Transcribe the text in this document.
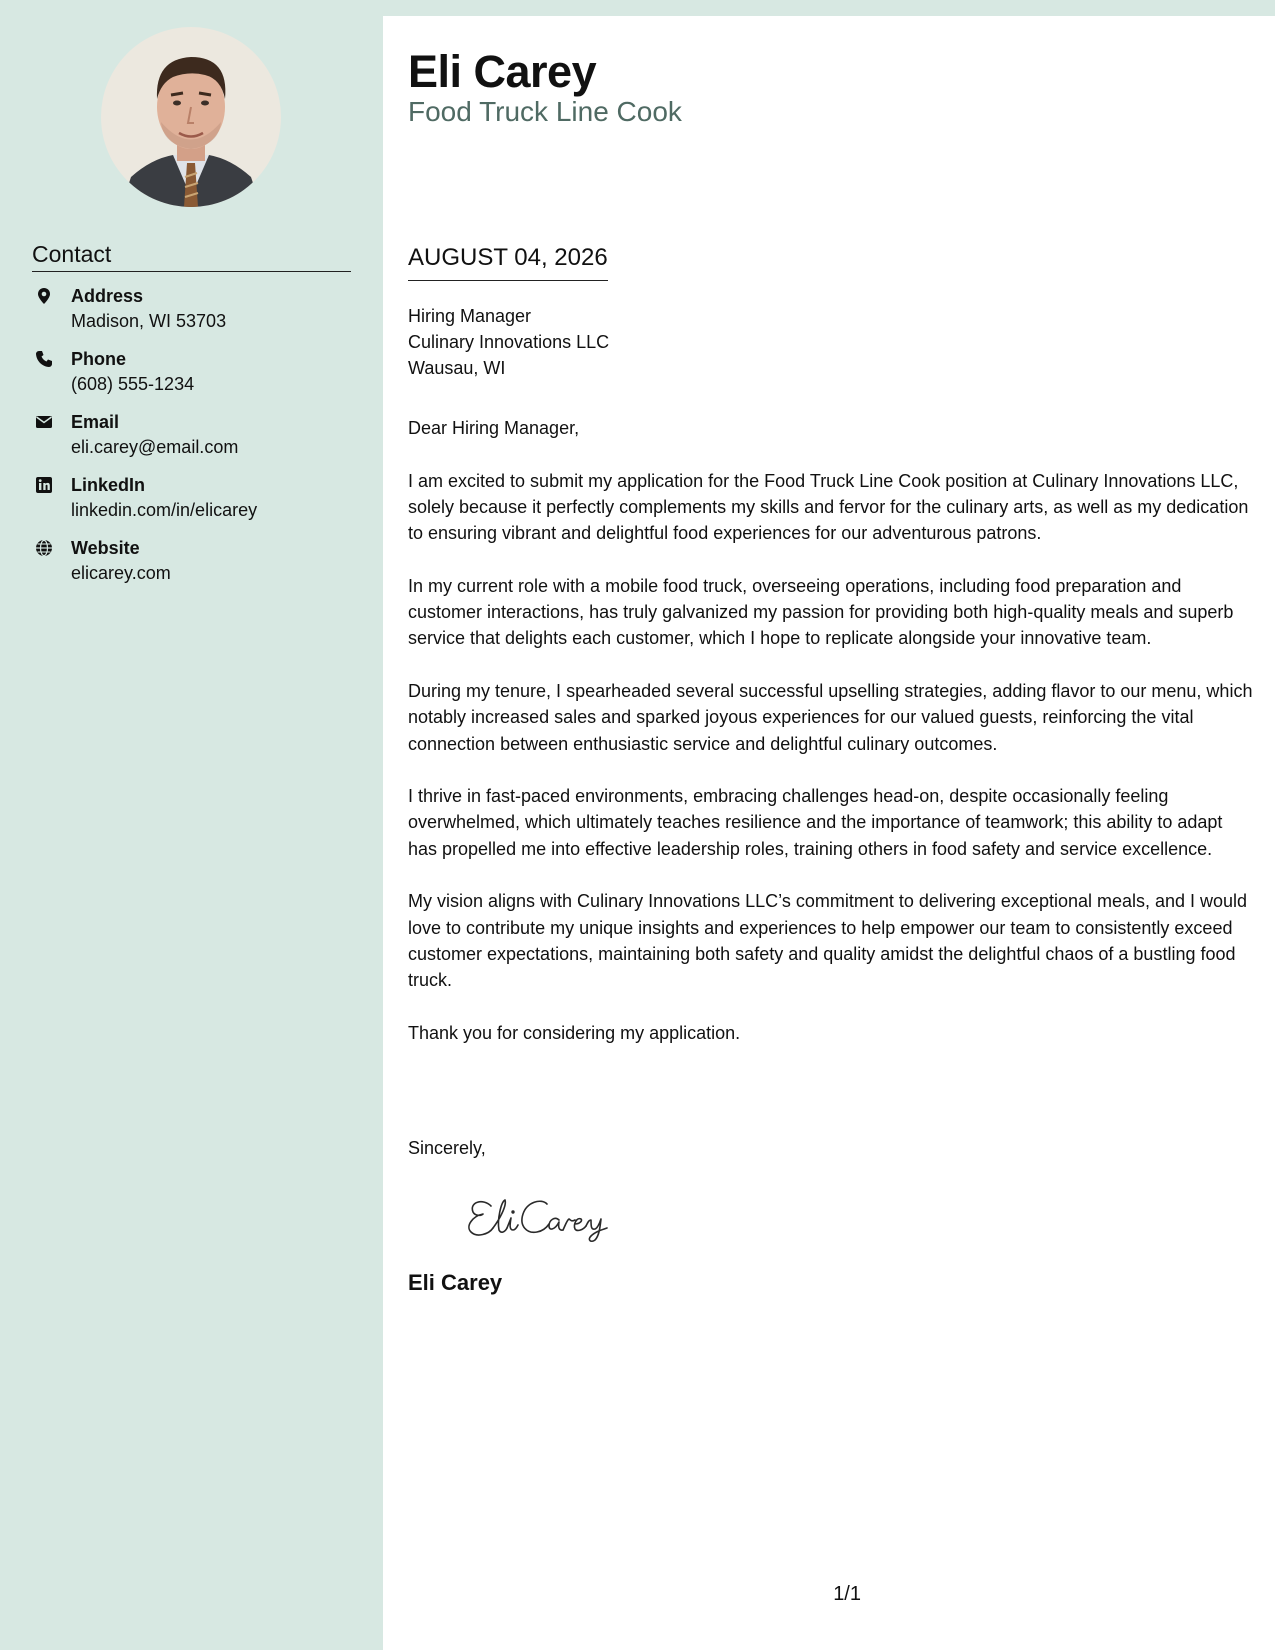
Contact
Address
Madison, WI 53703
Phone
(608) 555-1234
Email
eli.carey@email.com
LinkedIn
linkedin.com/in/elicarey
Website
elicarey.com
Eli Carey
Food Truck Line Cook
AUGUST 04, 2026
Hiring Manager
Culinary Innovations LLC
Wausau, WI

Dear Hiring Manager,

I am excited to submit my application for the Food Truck Line Cook position at Culinary Innovations LLC, solely because it perfectly complements my skills and fervor for the culinary arts, as well as my dedication to ensuring vibrant and delightful food experiences for our adventurous patrons.

In my current role with a mobile food truck, overseeing operations, including food preparation and customer interactions, has truly galvanized my passion for providing both high-quality meals and superb service that delights each customer, which I hope to replicate alongside your innovative team.

During my tenure, I spearheaded several successful upselling strategies, adding flavor to our menu, which notably increased sales and sparked joyous experiences for our valued guests, reinforcing the vital connection between enthusiastic service and delightful culinary outcomes.

I thrive in fast-paced environments, embracing challenges head-on, despite occasionally feeling overwhelmed, which ultimately teaches resilience and the importance of teamwork; this ability to adapt has propelled me into effective leadership roles, training others in food safety and service excellence.

My vision aligns with Culinary Innovations LLC’s commitment to delivering exceptional meals, and I would love to contribute my unique insights and experiences to help empower our team to consistently exceed customer expectations, maintaining both safety and quality amidst the delightful chaos of a bustling food truck.

Thank you for considering my application.

Sincerely,
Eli Carey
1/1
